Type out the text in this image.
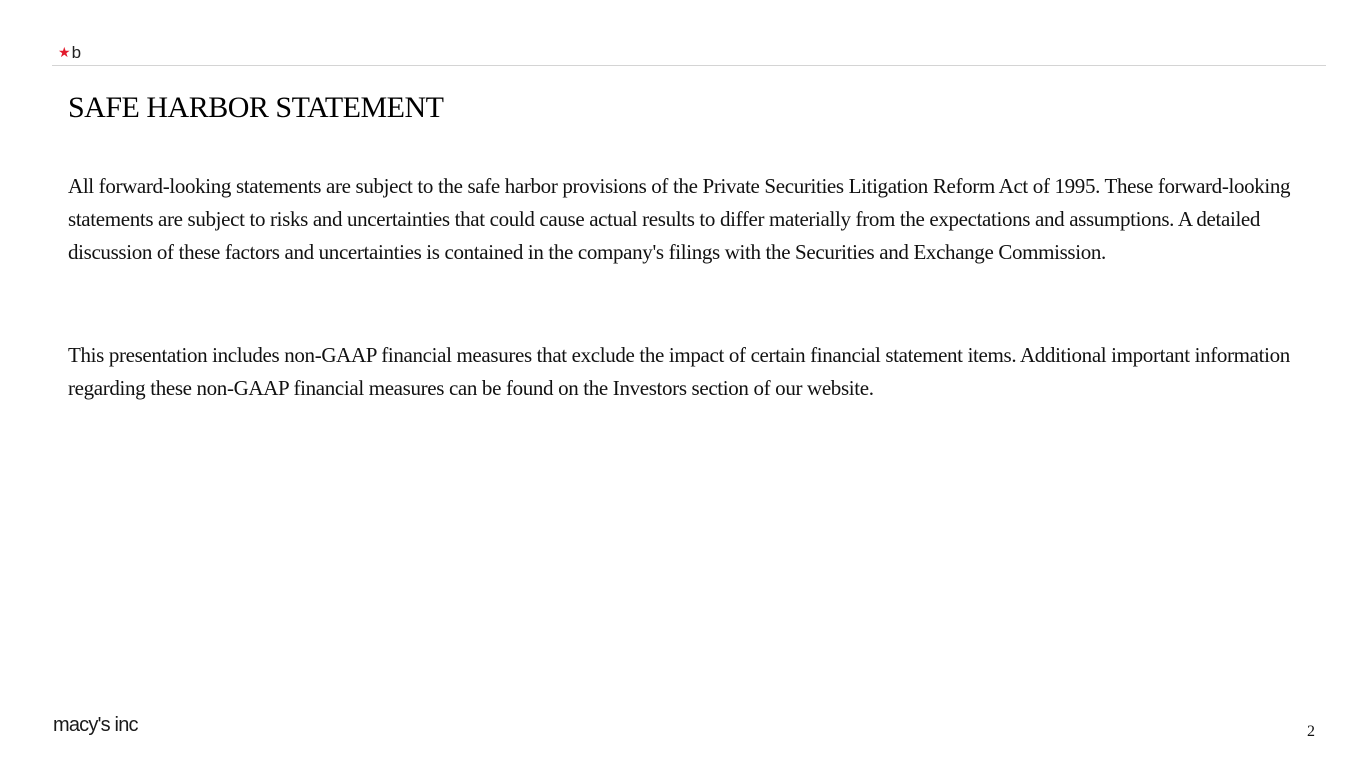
★ b
SAFE HARBOR STATEMENT

All forward-looking statements are subject to the safe harbor provisions of the Private Securities Litigation Reform Act of 1995. These forward-looking statements are subject to risks and uncertainties that could cause actual results to differ materially from the expectations and assumptions. A detailed discussion of these factors and uncertainties is contained in the company's filings with the Securities and Exchange Commission.

This presentation includes non-GAAP financial measures that exclude the impact of certain financial statement items. Additional important information regarding these non-GAAP financial measures can be found on the Investors section of our website.

macy's inc	2
